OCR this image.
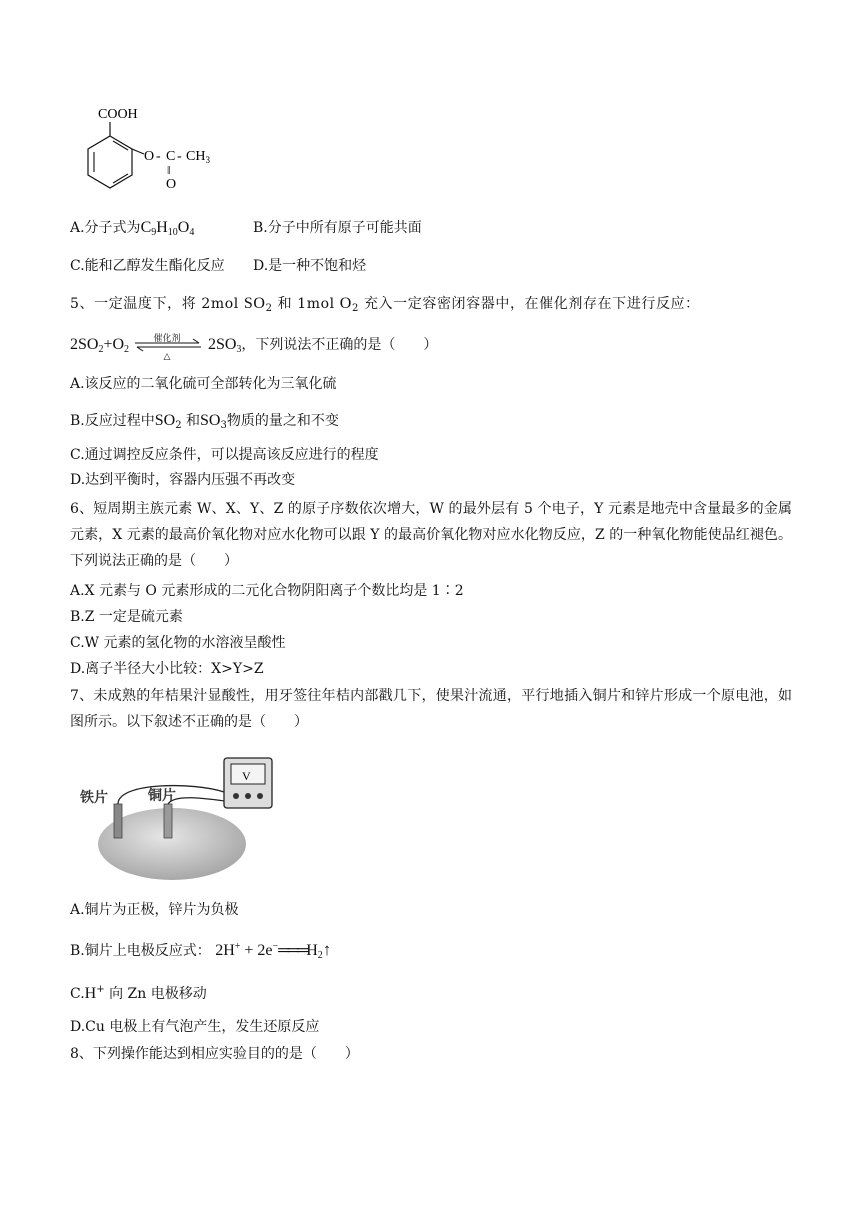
COOH
O - C - $CH_3$
‖
O
A.分子式为$C_9H_{10}O_4$	B.分子中所有原子可能共面
C.能和乙醇发生酯化反应 D.是一种不饱和烃
5、一定温度下，将 2mol $SO_2$ 和 1mol $O_2$ 充入一定容密闭容器中，在催化剂存在下进行反应：
$2SO_2+O_2$
催化剂
△
$2SO_3$，下列说法不正确的是（　　）
A.该反应的二氧化硫可全部转化为三氧化硫
B.反应过程中$SO_2$ 和$SO_3$物质的量之和不变
C.通过调控反应条件，可以提高该反应进行的程度
D.达到平衡时，容器内压强不再改变
6、短周期主族元素 W、X、Y、Z 的原子序数依次增大，W 的最外层有 5 个电子，Y 元素是地壳中含量最多的金属元素，X 元素的最高价氧化物对应水化物可以跟 Y 的最高价氧化物对应水化物反应，Z 的一种氧化物能使品红褪色。下列说法正确的是（　　）
A.X 元素与 O 元素形成的二元化合物阴阳离子个数比均是 1∶2
B.Z 一定是硫元素
C.W 元素的氢化物的水溶液呈酸性
D.离子半径大小比较：X>Y>Z
7、未成熟的年桔果汁显酸性，用牙签往年桔内部戳几下，使果汁流通，平行地插入铜片和锌片形成一个原电池，如图所示。以下叙述不正确的是（　　）
铁片	铜片
V
A.铜片为正极，锌片为负极
B.铜片上电极反应式： $2H^+ + 2e^-═══H_2↑$
C.H+ 向 Zn 电极移动
D.Cu 电极上有气泡产生，发生还原反应
8、下列操作能达到相应实验目的的是（　　）
